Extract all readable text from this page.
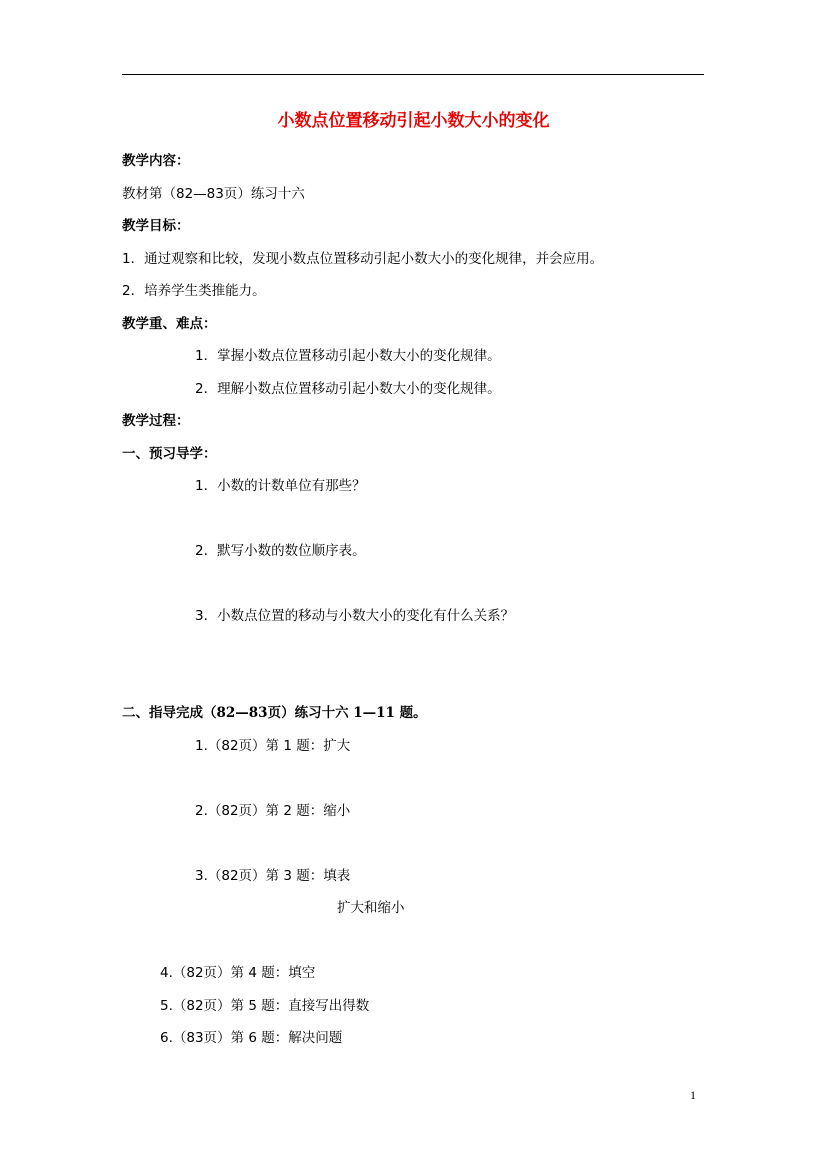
小数点位置移动引起小数大小的变化
教学内容：
教材第（82—83页）练习十六
教学目标：
1．通过观察和比较，发现小数点位置移动引起小数大小的变化规律，并会应用。
2．培养学生类推能力。
教学重、难点：
1．掌握小数点位置移动引起小数大小的变化规律。
2．理解小数点位置移动引起小数大小的变化规律。
教学过程：
一、预习导学：
1．小数的计数单位有那些？
2．默写小数的数位顺序表。
3．小数点位置的移动与小数大小的变化有什么关系？
二、指导完成（82—83页）练习十六 1—11 题。
1.（82页）第 1 题：扩大
2.（82页）第 2 题：缩小
3.（82页）第 3 题：填表
扩大和缩小
4.（82页）第 4 题：填空
5.（82页）第 5 题：直接写出得数
6.（83页）第 6 题：解决问题
1
